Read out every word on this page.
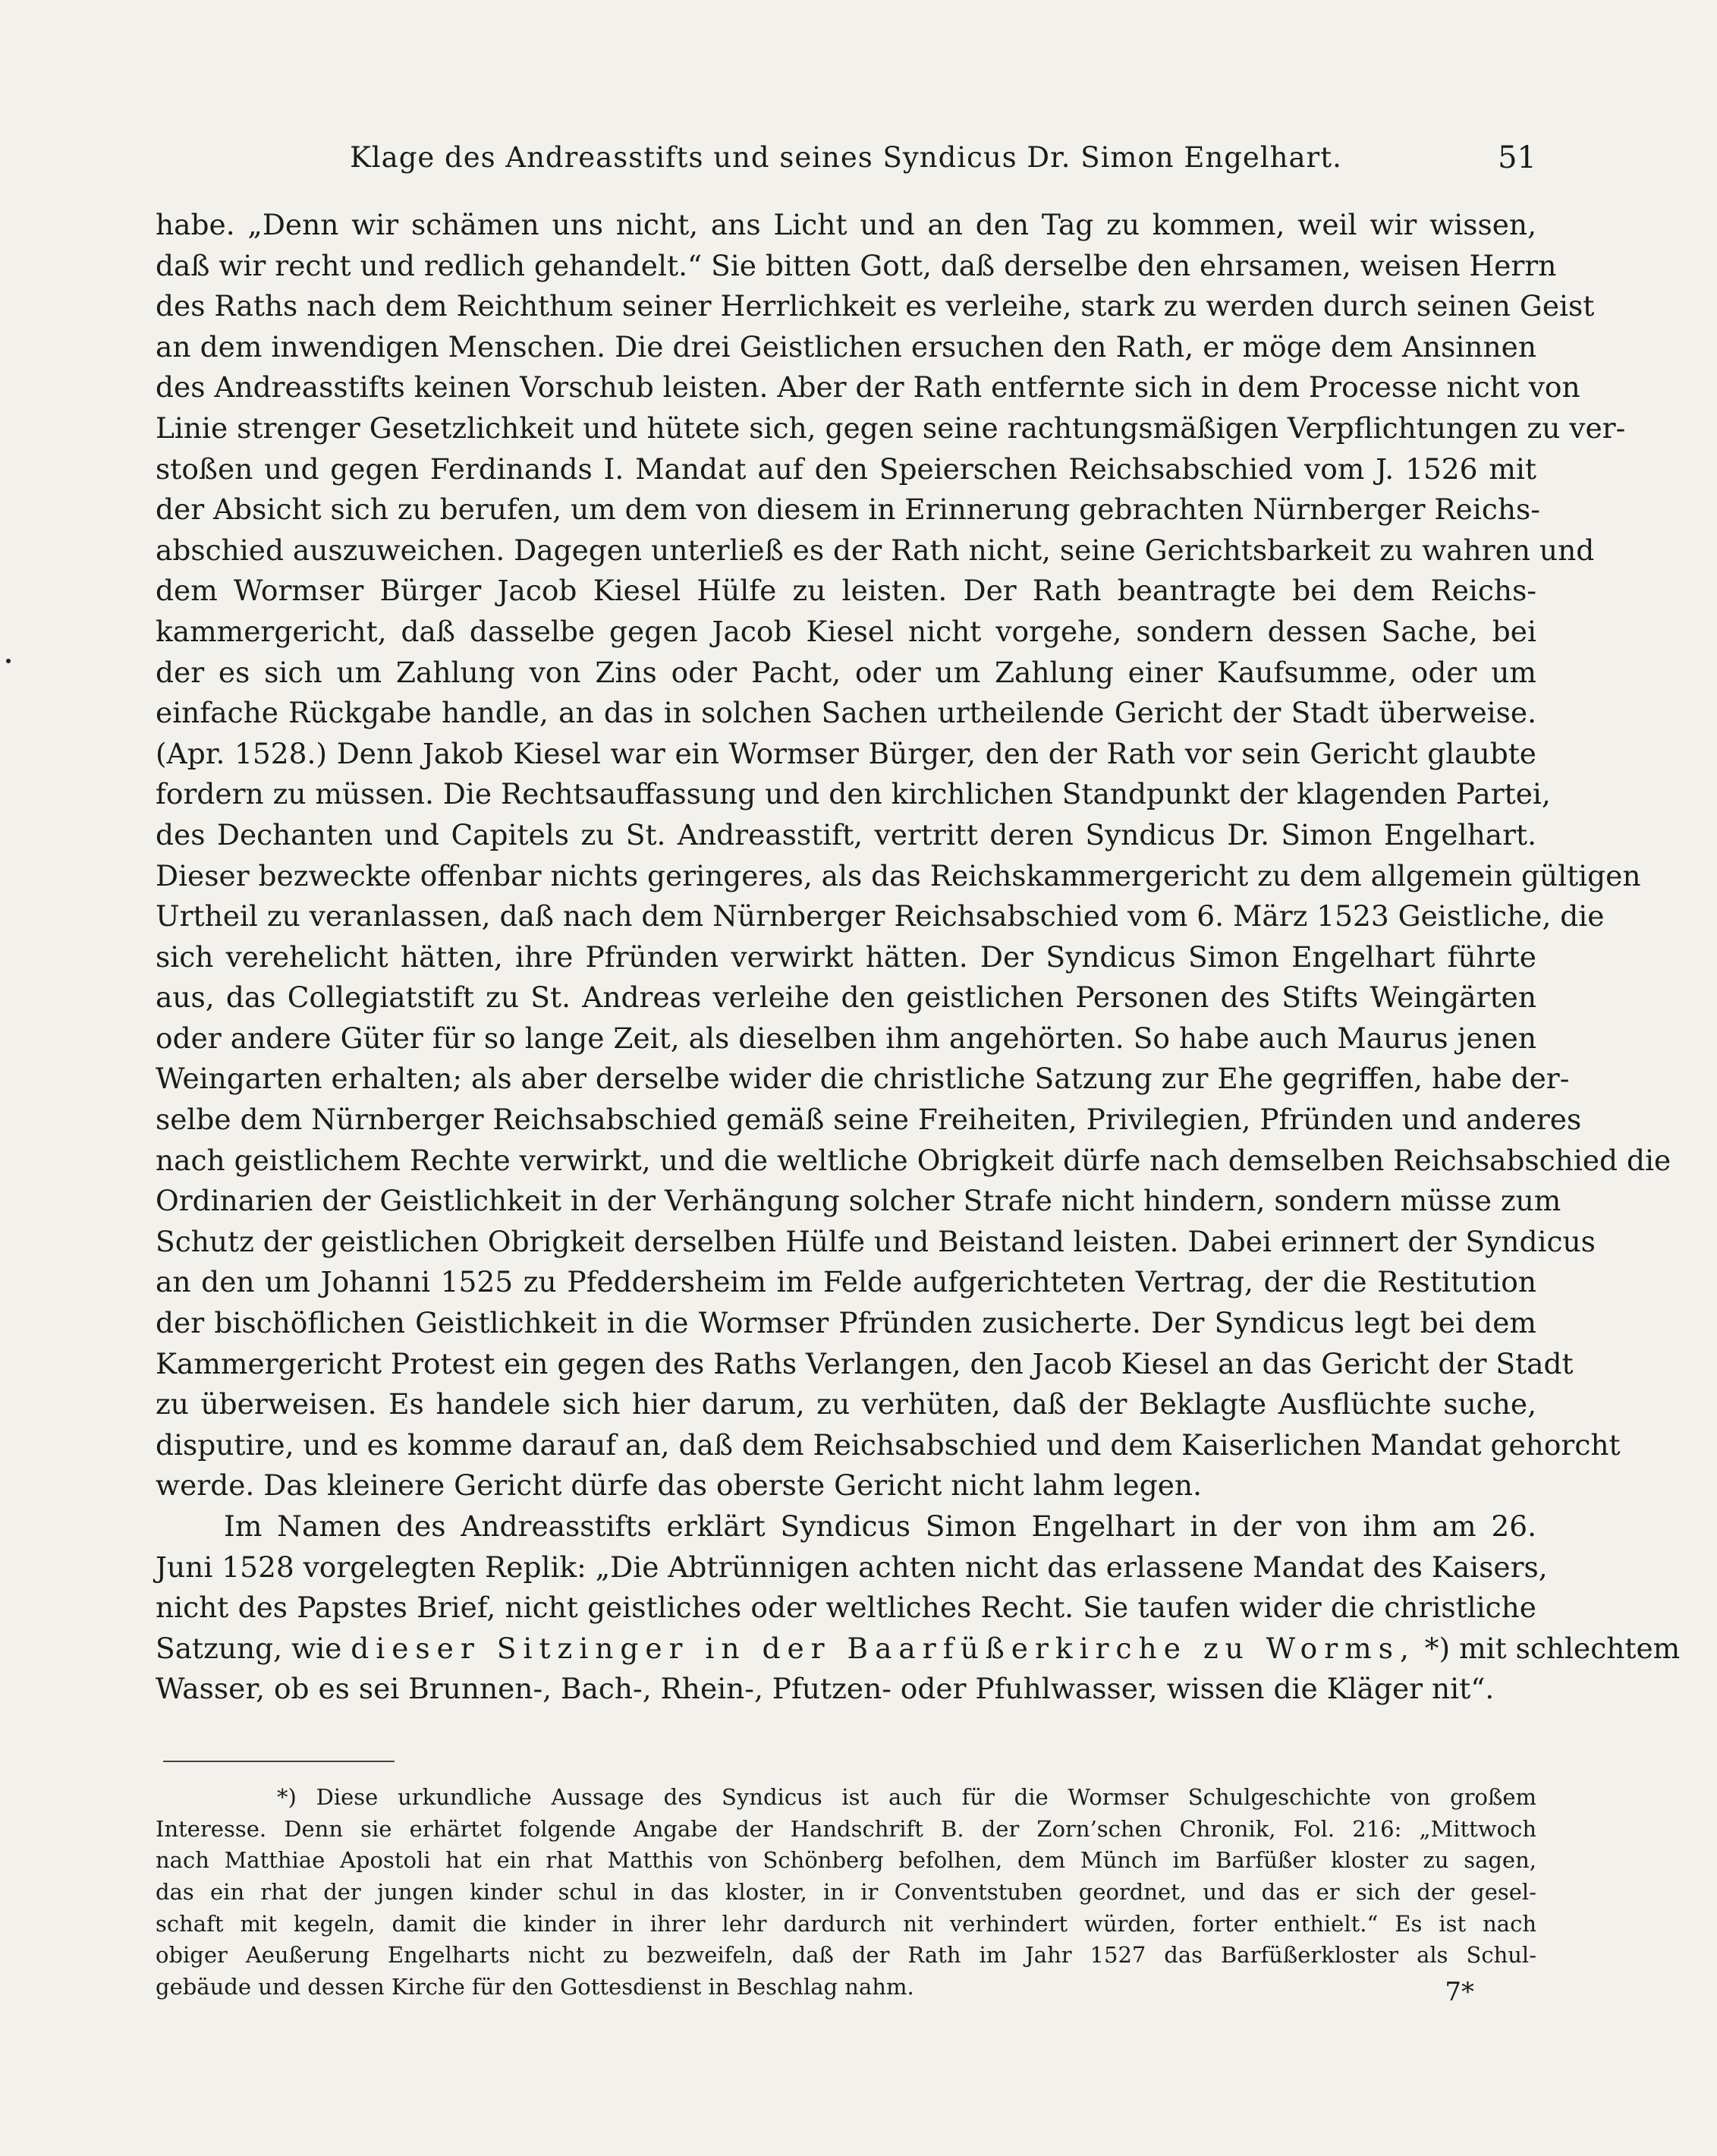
Klage des Andreasstifts und seines Syndicus Dr. Simon Engelhart.	51
habe. „Denn wir schämen uns nicht, ans Licht und an den Tag zu kommen, weil wir wissen,
daß wir recht und redlich gehandelt.“ Sie bitten Gott, daß derselbe den ehrsamen, weisen Herrn
des Raths nach dem Reichthum seiner Herrlichkeit es verleihe, stark zu werden durch seinen Geist
an dem inwendigen Menschen. Die drei Geistlichen ersuchen den Rath, er möge dem Ansinnen
des Andreasstifts keinen Vorschub leisten. Aber der Rath entfernte sich in dem Processe nicht von
Linie strenger Gesetzlichkeit und hütete sich, gegen seine rachtungsmäßigen Verpflichtungen zu ver-
stoßen und gegen Ferdinands I. Mandat auf den Speierschen Reichsabschied vom J. 1526 mit
der Absicht sich zu berufen, um dem von diesem in Erinnerung gebrachten Nürnberger Reichs-
abschied auszuweichen. Dagegen unterließ es der Rath nicht, seine Gerichtsbarkeit zu wahren und
dem Wormser Bürger Jacob Kiesel Hülfe zu leisten. Der Rath beantragte bei dem Reichs-
kammergericht, daß dasselbe gegen Jacob Kiesel nicht vorgehe, sondern dessen Sache, bei
der es sich um Zahlung von Zins oder Pacht, oder um Zahlung einer Kaufsumme, oder um
einfache Rückgabe handle, an das in solchen Sachen urtheilende Gericht der Stadt überweise.
(Apr. 1528.) Denn Jakob Kiesel war ein Wormser Bürger, den der Rath vor sein Gericht glaubte
fordern zu müssen. Die Rechtsauffassung und den kirchlichen Standpunkt der klagenden Partei,
des Dechanten und Capitels zu St. Andreasstift, vertritt deren Syndicus Dr. Simon Engelhart.
Dieser bezweckte offenbar nichts geringeres, als das Reichskammergericht zu dem allgemein gültigen
Urtheil zu veranlassen, daß nach dem Nürnberger Reichsabschied vom 6. März 1523 Geistliche, die
sich verehelicht hätten, ihre Pfründen verwirkt hätten. Der Syndicus Simon Engelhart führte
aus, das Collegiatstift zu St. Andreas verleihe den geistlichen Personen des Stifts Weingärten
oder andere Güter für so lange Zeit, als dieselben ihm angehörten. So habe auch Maurus jenen
Weingarten erhalten; als aber derselbe wider die christliche Satzung zur Ehe gegriffen, habe der-
selbe dem Nürnberger Reichsabschied gemäß seine Freiheiten, Privilegien, Pfründen und anderes
nach geistlichem Rechte verwirkt, und die weltliche Obrigkeit dürfe nach demselben Reichsabschied die
Ordinarien der Geistlichkeit in der Verhängung solcher Strafe nicht hindern, sondern müsse zum
Schutz der geistlichen Obrigkeit derselben Hülfe und Beistand leisten. Dabei erinnert der Syndicus
an den um Johanni 1525 zu Pfeddersheim im Felde aufgerichteten Vertrag, der die Restitution
der bischöflichen Geistlichkeit in die Wormser Pfründen zusicherte. Der Syndicus legt bei dem
Kammergericht Protest ein gegen des Raths Verlangen, den Jacob Kiesel an das Gericht der Stadt
zu überweisen. Es handele sich hier darum, zu verhüten, daß der Beklagte Ausflüchte suche,
disputire, und es komme darauf an, daß dem Reichsabschied und dem Kaiserlichen Mandat gehorcht
werde. Das kleinere Gericht dürfe das oberste Gericht nicht lahm legen.
Im Namen des Andreasstifts erklärt Syndicus Simon Engelhart in der von ihm am 26.
Juni 1528 vorgelegten Replik: „Die Abtrünnigen achten nicht das erlassene Mandat des Kaisers,
nicht des Papstes Brief, nicht geistliches oder weltliches Recht. Sie taufen wider die christliche
Satzung, wie dieser Sitzinger in der Baarfüßerkirche zu Worms, *) mit schlechtem
Wasser, ob es sei Brunnen-, Bach-, Rhein-, Pfutzen- oder Pfuhlwasser, wissen die Kläger nit“.
*) Diese urkundliche Aussage des Syndicus ist auch für die Wormser Schulgeschichte von großem
Interesse. Denn sie erhärtet folgende Angabe der Handschrift B. der Zorn’schen Chronik, Fol. 216: „Mittwoch
nach Matthiae Apostoli hat ein rhat Matthis von Schönberg befolhen, dem Münch im Barfüßer kloster zu sagen,
das ein rhat der jungen kinder schul in das kloster, in ir Conventstuben geordnet, und das er sich der gesel-
schaft mit kegeln, damit die kinder in ihrer lehr dardurch nit verhindert würden, forter enthielt.“ Es ist nach
obiger Aeußerung Engelharts nicht zu bezweifeln, daß der Rath im Jahr 1527 das Barfüßerkloster als Schul-
gebäude und dessen Kirche für den Gottesdienst in Beschlag nahm.	7*
